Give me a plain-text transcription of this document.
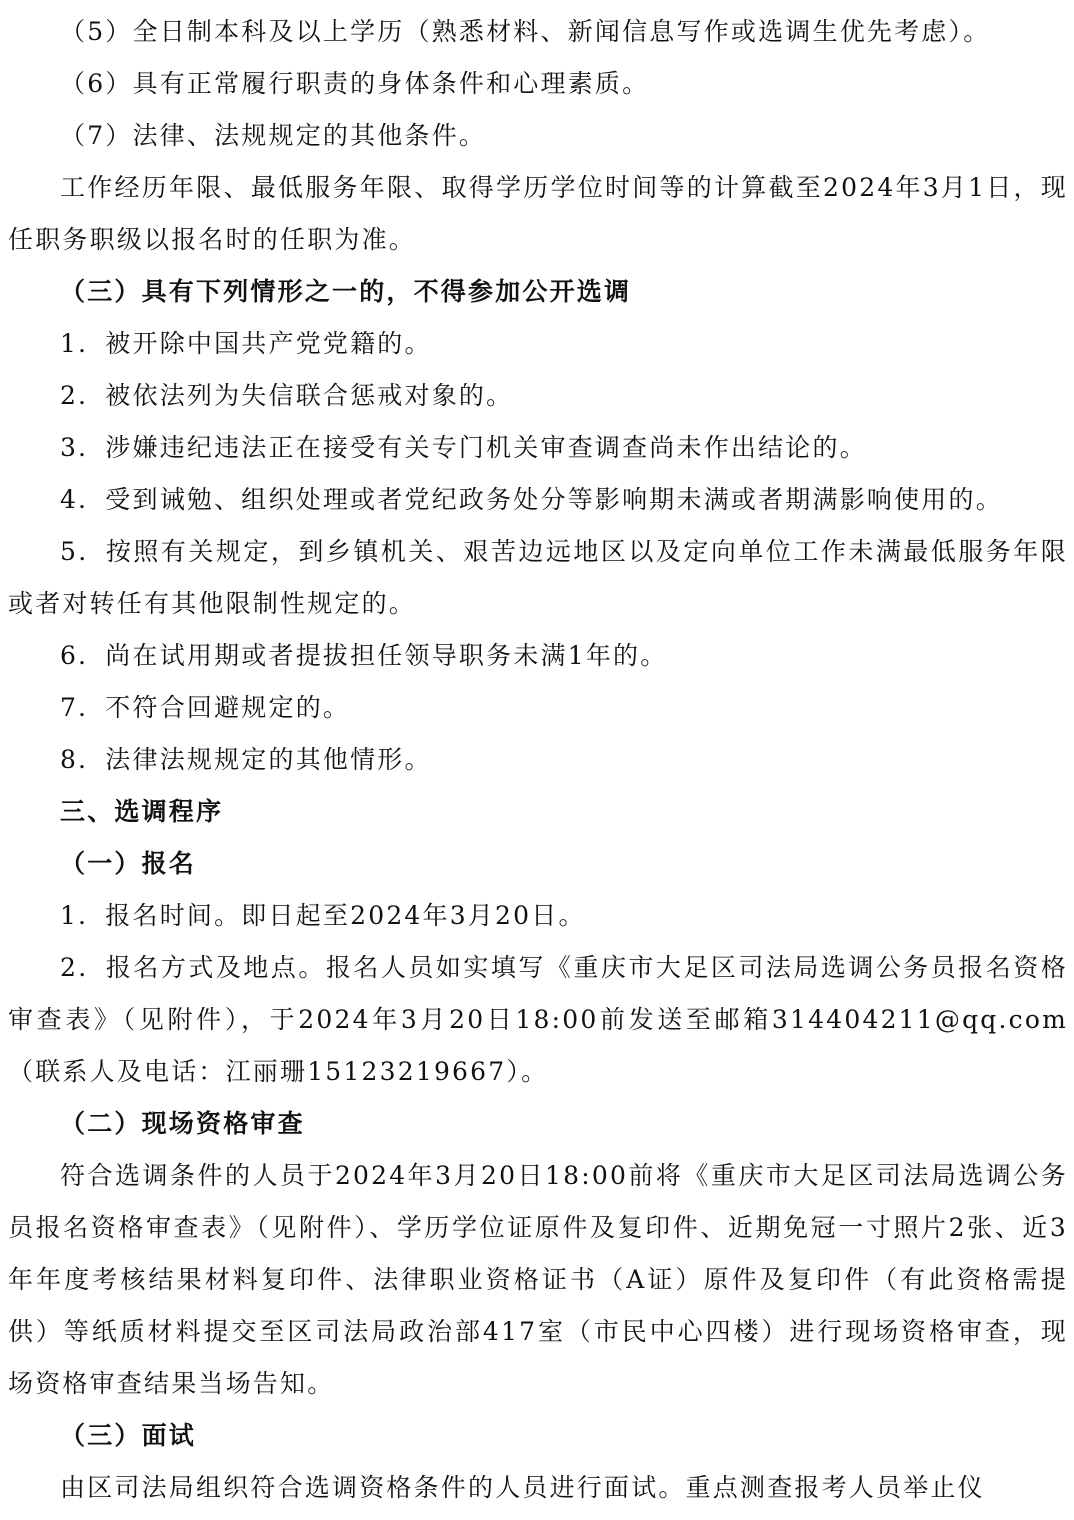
（5）全日制本科及以上学历（熟悉材料、新闻信息写作或选调生优先考虑）。

（6）具有正常履行职责的身体条件和心理素质。

（7）法律、法规规定的其他条件。

工作经历年限、最低服务年限、取得学历学位时间等的计算截至2024年3月1日，现任职务职级以报名时的任职为准。

（三）具有下列情形之一的，不得参加公开选调

1．被开除中国共产党党籍的。

2．被依法列为失信联合惩戒对象的。

3．涉嫌违纪违法正在接受有关专门机关审查调查尚未作出结论的。

4．受到诫勉、组织处理或者党纪政务处分等影响期未满或者期满影响使用的。

5．按照有关规定，到乡镇机关、艰苦边远地区以及定向单位工作未满最低服务年限或者对转任有其他限制性规定的。

6．尚在试用期或者提拔担任领导职务未满1年的。

7．不符合回避规定的。

8．法律法规规定的其他情形。

三、选调程序

（一）报名

1．报名时间。即日起至2024年3月20日。

2．报名方式及地点。报名人员如实填写《重庆市大足区司法局选调公务员报名资格审查表》（见附件），于2024年3月20日18:00前发送至邮箱314404211@qq.com（联系人及电话：江丽珊15123219667）。

（二）现场资格审查

符合选调条件的人员于2024年3月20日18:00前将《重庆市大足区司法局选调公务员报名资格审查表》（见附件）、学历学位证原件及复印件、近期免冠一寸照片2张、近3年年度考核结果材料复印件、法律职业资格证书（A证）原件及复印件（有此资格需提供）等纸质材料提交至区司法局政治部417室（市民中心四楼）进行现场资格审查，现场资格审查结果当场告知。

（三）面试

由区司法局组织符合选调资格条件的人员进行面试。重点测查报考人员举止仪
